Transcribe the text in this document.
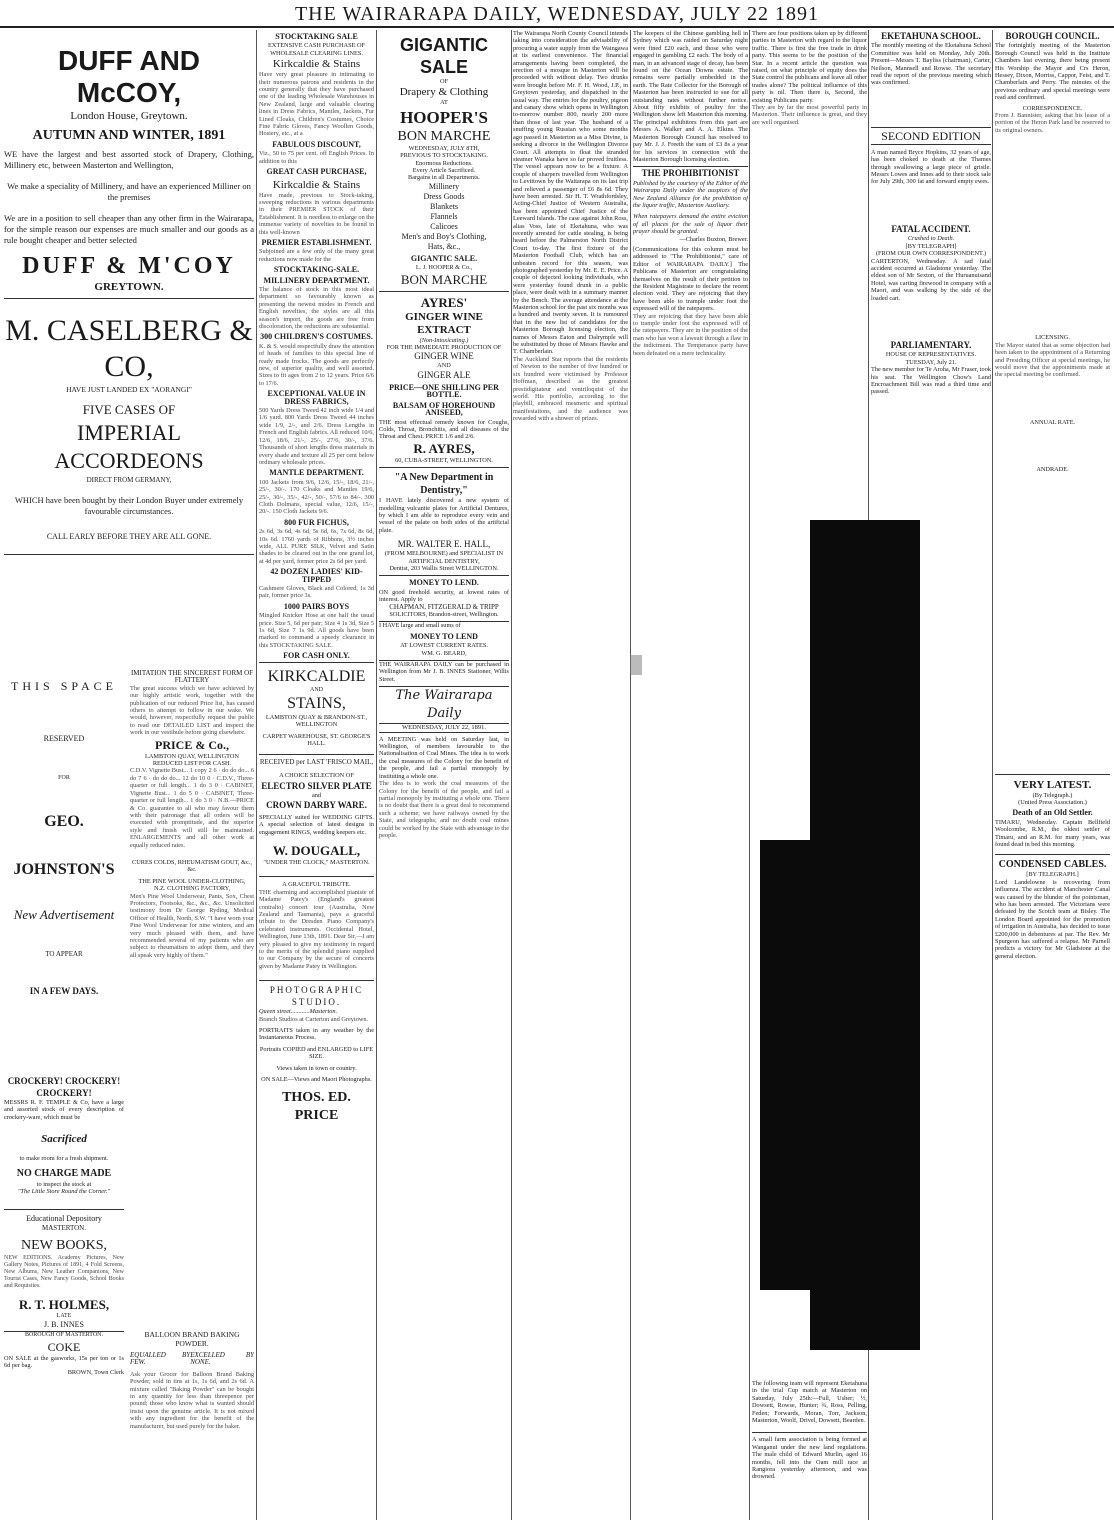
THE WAIRARAPA DAILY, WEDNESDAY, JULY 22 1891
DUFF AND McCOY,
London House, Greytown.
AUTUMN AND WINTER, 1891
WE have the largest and best assorted stock of Drapery, Clothing, Millinery etc, between Masterton and Wellington,
We make a speciality of Millinery, and have an experienced Milliner on the premises
We are in a position to sell cheaper than any other firm in the Wairarapa, for the simple reason our expenses are much smaller and our goods as a rule bought cheaper and better selected
DUFF & M'COY
GREYTOWN.
M. CASELBERG & CO,
HAVE JUST LANDED EX "AORANGI"
FIVE CASES OF
IMPERIAL ACCORDEONS
DIRECT FROM GERMANY,
WHICH have been bought by their London Buyer under extremely favourable circumstances.
CALL EARLY BEFORE THEY ARE ALL GONE.
THIS SPACE
RESERVED
FOR
GEO.
JOHNSTON'S
New Advertisement
TO APPEAR
IN A FEW DAYS.
IMITATION THE SINCEREST FORM OF FLATTERY
The great success which we have achieved by our highly artistic work, together with the publication of our reduced Price list, has caused others to attempt to follow in our wake. We would, however, respectfully request the public to read our DETAILED LIST and inspect the work in our vestibule before going elsewhere.
PRICE & Co.,
LAMBTON QUAY, WELLINGTON
REDUCED LIST FOR CASH.
C.D.V. Vignette Bust... 1 copy 2 6 · do do do... 6 do 7 6 · do do do... 12 do 10 0 · C.D.V., Three-quarter or full length... 1 do 3 0 · CABINET, Vignette Bust... 1 do 5 0 · CABINET, Three-quarter or full length... 1 do 3 0 · N.B.—PRICE & Co. guarantee to all who may favour them with their patronage that all orders will be executed with promptitude, and the superior style and finish will still be maintained. ENLARGEMENTS and all other work at equally reduced rates.
CURES COLDS, RHEUMATISM GOUT, &c., &c.
THE PINE WOOL UNDER-CLOTHING,
N.Z. CLOTHING FACTORY,
Men's Pine Wool Underwear, Pants, Sox, Chest Protectors, Footsoks, &c., &c., &c. Unsolicited testimony from Dr George Ryding, Medical Officer of Health, North, S.W. "I have worn your Pine Wool Underwear for nine winters, and am very much pleased with them, and have recommended several of my patients who are subject to rheumatism to adopt them, and they all speak very highly of them."
CROCKERY! CROCKERY! CROCKERY!
MESSRS R. F. TEMPLE & Co, have a large and assorted stock of every description of crockery-ware, which must be
Sacrificed
to make room for a fresh shipment.
NO CHARGE MADE
to inspect the stock at
"The Little Store Round the Corner."
Educational Depository
MASTERTON.
NEW BOOKS,
NEW EDITIONS. Academy Pictures, New Gallery Notes, Pictures of 1891, 4 Fold Screens, New Albums, New Leather Companions, New Tourist Cases, New Fancy Goods, School Books and Requisites.
R. T. HOLMES,
LATE
J. B. INNES
BOROUGH OF MASTERTON.
COKE
ON SALE at the gasworks, 15s per ton or 1s 6d per bag.
BROWN, Town Clerk
BALLOON BRAND BAKING POWDER.
EQUALLED BY FEW.
EXCELLED BY NONE.
Ask your Grocer for Balloon Brand Baking Powder, sold in tins at 1s, 1s 6d, and 2s 6d. A mixture called "Baking Powder" can be bought in any quantity for less than threepence per pound; those who know what is wanted should insist upon the genuine article. It is not mixed with any ingredient for the benefit of the manufacturer, but used purely for the baker.
STOCKTAKING SALE
EXTENSIVE CASH PURCHASE OF WHOLESALE CLEARING LINES.
Kirkcaldie & Stains
Have very great pleasure in intimating to their numerous patrons and residents in the country generally that they have purchased one of the leading Wholesale Warehouses in New Zealand, large and valuable clearing lines in Dress Fabrics, Mantles, Jackets, Fur Lined Cloaks, Children's Costumes, Choice Fine Fabric Gloves, Fancy Woollen Goods, Hosiery, etc., at a
FABULOUS DISCOUNT,
Viz., 50 to 75 per cent. off English Prices. In addition to this
GREAT CASH PURCHASE,
Kirkcaldie & Stains
Have made, previous to Stock-taking, sweeping reductions in various departments in their PREMIER STOCK of their Establishment. It is needless to enlarge on the immense variety of novelties to be found in this well-known
PREMIER ESTABLISHMENT.
Subjoined are a few only of the many great reductions now made for the
STOCKTAKING-SALE.
MILLINERY DEPARTMENT.
The balance of stock in this most ideal department so favourably known as presenting the newest modes in French and English novelties, the styles are all this season's import, the goods are free from discoloration, the reductions are substantial.
300 CHILDREN'S COSTUMES.
K. & S. would respectfully draw the attention of heads of families to this special line of ready made frocks. The goods are perfectly new, of superior quality, and well assorted. Sizes to fit ages from 2 to 12 years. Price 6/6 to 17/6.
EXCEPTIONAL VALUE IN DRESS FABRICS,
500 Yards Dress Tweed 42 inch wide 1/4 and 1/6 yard. 800 Yards Dress Tweed 44 inches wide 1/9, 2/-, and 2/6. Dress Lengths in French and English fabrics. All reduced 10/6, 12/6, 18/6, 21/-, 25/-, 27/6, 30/-, 37/6. Thousands of short lengths dress materials in every shade and texture all 25 per cent below ordinary wholesale prices.
MANTLE DEPARTMENT.
100 Jackets from 9/6, 12/6, 15/-, 18/6, 21/-, 25/-, 30/-. 170 Cloaks and Mantles 19/6, 25/-, 30/-, 35/-, 42/-, 50/-, 57/6 to 84/-. 300 Cloth Dolmans, special value, 12/6, 15/-, 20/-. 150 Cloth Jackets 9/6.
800 FUR FICHUS,
2s 6d, 3s 6d, 4s 6d, 5s 6d, 6s, 7s 6d, 8s 6d, 10s 6d. 1760 yards of Ribbons, 3½ inches wide, ALL PURE SILK, Velvet and Satin shades to be cleared out in the one grand lot, at 4d per yard, former price 2s 6d per yard.
42 DOZEN LADIES' KID-TIPPED
Cashmere Gloves, Black and Colored, 1s 3d pair, former price 3s.
1000 PAIRS BOYS
Mingled Knicker Hose at one half the usual price. Size 5, 6d per pair; Size 4 1s 3d, Size 5 1s 6d, Size 7 1s 9d. All goods have been marked to command a speedy clearance in this STOCKTAKING SALE.
FOR CASH ONLY.
KIRKCALDIE
AND
STAINS,
LAMBTON QUAY & BRANDON-ST., WELLINGTON
CARPET WAREHOUSE, ST. GEORGE'S HALL.
RECEIVED per LAST 'FRISCO MAIL,
A CHOICE SELECTION OF
ELECTRO SILVER PLATE
and
CROWN DARBY WARE.
SPECIALLY suited for WEDDING GIFTS. A special selection of latest designs in engagement RINGS, wedding keepers etc.
W. DOUGALL,
"UNDER THE CLOCK," MASTERTON.
A GRACEFUL TRIBUTE.
THE charming and accomplished pianiste of Madame Patey's (England's greatest contralto) concert tour (Australia, New Zealand and Tasmania), pays a graceful tribute to the Dresden Piano Company's celebrated instruments. Occidental Hotel, Wellington, June 13th, 1891. Dear Sir,—I am very pleased to give my testimony in regard to the merits of the splendid piano supplied to our Company by the secure of concerts given by Madame Patey in Wellington.
PHOTOGRAPHIC STUDIO.
Queen street............Masterton.
Branch Studios at Carterton and Greytown.
PORTRAITS taken in any weather by the Instantaneous Process.
Portraits COPIED and ENLARGED to LIFE SIZE.
Views taken in town or country.
ON SALE—Views and Maori Photographs.
THOS. ED. PRICE
GIGANTIC SALE
OF
Drapery & Clothing
AT
HOOPER'S
BON MARCHE
WEDNESDAY, JULY 8TH,
PREVIOUS TO STOCKTAKING.
Enormous Reductions.
Every Article Sacrificed.
Bargains in all Departments.
Millinery
Dress Goods
Blankets
Flannels
Calicoes
Men's and Boy's Clothing,
Hats, &c.,
GIGANTIC SALE.
L. J. HOOPER & Co.,
BON MARCHE
AYRES'
GINGER WINE EXTRACT
(Non-Intoxicating.)
FOR THE IMMEDIATE PRODUCTION OF
GINGER WINE
AND
GINGER ALE
PRICE—ONE SHILLING PER BOTTLE.
BALSAM OF HOREHOUND ANISEED,
THE most effectual remedy known for Coughs, Colds, Throat, Bronchitis, and all diseases of the Throat and Chest. PRICE 1/6 and 2/6.
R. AYRES,
60, CUBA-STREET, WELLINGTON.
"A New Department in Dentistry,"
I HAVE lately discovered a new system of modelling vulcanite plates for Artificial Dentures, by which I am able to reproduce every vein and vessel of the palate on both sides of the artificial plate.
MR. WALTER E. HALL,
(FROM MELBOURNE) and SPECIALIST IN ARTIFICIAL DENTISTRY,
Dentist, 203 Wallis Street WELLINGTON.
MONEY TO LEND.
ON good freehold security, at lowest rates of interest. Apply to
CHAPMAN, FITZGERALD & TRIPP
SOLICITORS, Brandon-street, Wellington.
I HAVE large and small sums of
MONEY TO LEND
AT LOWEST CURRENT RATES.
WM. G. BEARD,
THE WAIRARAPA DAILY can be purchased in Wellington from Mr J. B. INNES Stationer, Willis Street.
The Wairarapa Daily
WEDNESDAY, JULY 22, 1891.
A MEETING was held on Saturday last, in Wellington, of members favourable to the Nationalisation of Coal Mines. The idea is to work the coal measures of the Colony for the benefit of the people, and fail a partial monopoly by instituting a whole one.
The idea is to work the coal measures of the Colony for the benefit of the people, and fail a partial monopoly by instituting a whole one. There is no doubt that there is a great deal to recommend such a scheme; we have railways owned by the State, and telegraphs; and no doubt coal mines could be worked by the State with advantage to the people.
The Wairarapa North County Council intends taking into consideration the advisability of procuring a water supply from the Waingawa at its earliest convenience. The financial arrangements having been completed, the erection of a mosque in Masterton will be proceeded with without delay. Two drunks were brought before Mr. F. H. Wood, J.P., in Greytown yesterday, and dispatched in the usual way. The entries for the poultry, pigeon and canary show which opens in Wellington to-morrow number 800, nearly 200 more than those of last year. The husband of a snuffing young Russian who some months ago passed in Masterton as a Miss Divine, is seeking a divorce in the Wellington Divorce Court. All attempts to float the stranded steamer Wanaka have so far proved fruitless. The vessel appears now to be a fixture. A couple of sharpers travelled from Wellington to Levittown by the Waitarapa on its last trip and relieved a passenger of £6 8s 6d. They have been arrested. Sir H. T. Wrathfordsley, Acting-Chief Justice of Western Australia, has been appointed Chief Justice of the Leeward Islands. The case against John Ross, alias Voss, late of Eketahuna, who was recently arrested for cattle stealing, is being heard before the Palmerston North District Court to-day. The first fixture of the Masterton Football Club, which has an unbeaten record for this season, was photographed yesterday by Mr. E. E. Price. A couple of dejected looking individuals, who were yesterday found drunk in a public place, were dealt with in a summary manner by the Bench. The average attendance at the Masterton school for the past six months was a hundred and twenty seven. It is rumoured that in the new list of candidates for the Masterton Borough licensing election, the names of Messrs Eaton and Dalrymple will be substituted by those of Messrs Hawke and T. Chamberlain.
The Auckland Star reports that the residents of Newton to the number of five hundred or six hundred were victimised by Professor Hoffman, described as the greatest prestidigitateur and ventriloquist of the world. His portfolio, according to the playbill, embraced mesmeric and spiritual manifestations, and the audience was rewarded with a shower of prizes.
The keepers of the Chinese gambling hell in Sydney which was raided on Saturday night were fined £20 each, and those who were engaged in gambling £2 each. The body of a man, in an advanced stage of decay, has been found on the Ocean Downs estate. The remains were partially embedded in the earth. The Rate Collector for the Borough of Masterton has been instructed to sue for all outstanding rates without further notice. About fifty exhibits of poultry for the Wellington show left Masterton this morning. The principal exhibitors from this part are Messrs A. Walker and A. A. Elkins. The Masterton Borough Council has resolved to pay Mr. J. J. Freeth the sum of £3 8s a year for his services in connection with the Masterton Borough licensing election.
THE PROHIBITIONIST
Published by the courtesy of the Editor of the Wairarapa Daily under the auspices of the New Zealand Alliance for the prohibition of the liquor traffic, Masterton Auxiliary.
When ratepayers demand the entire eviction of all places for the sale of liquor their prayer should be granted.
—Charles Buxton, Brewer.
[Communications for this column must be addressed to "The Prohibitionist," care of Editor of WAIRARAPA DAILY.] The Publicans of Masterton are congratulating themselves on the result of their petition to the Resident Magistrate to declare the recent election void. They are rejoicing that they have been able to trample under foot the expressed will of the ratepayers.
They are rejoicing that they have been able to trample under foot the expressed will of the ratepayers. They are in the position of the man who has won a lawsuit through a flaw in the indictment. The Temperance party have been defeated on a mere technicality.
There are four positions taken up by different parties in Masterton with regard to the liquor traffic. There is first the free trade in drink party. This seems to be the position of the Star. In a recent article the question was raised, on what principle of equity does the State control the publicans and leave all other trades alone? The political influence of this party is nil. Then there is, Second, the existing Publicans party.
They are by far the most powerful party in Masterton. Their influence is great, and they are well organised.
The following team will represent Eketahuna in the trial Cup match at Masterton on Saturday, July 25th:—Full, Usher; ½, Dowsett, Rowse, Hunter; ¾, Ross, Pelling, Feden; Forwards, Moran, Torr, Jackson, Masterton, Woolf, Drivel, Dowsett, Bearden.
A small farm association is being formed at Wanganui under the new land regulations. The male child of Edward Murlin, aged 16 months, fell into the Oam mill race at Rangiora yesterday afternoon, and was drowned.
EKETAHUNA SCHOOL.
The monthly meeting of the Eketahuna School Committee was held on Monday, July 20th. Present—Messrs T. Bayliss (chairman), Carter, Neilson, Mannsell and Rowse. The secretary read the report of the previous meeting which was confirmed.
SECOND EDITION
A man named Bryce Hopkins, 32 years of age, has been choked to death at the Thames through swallowing a large piece of gristle. Messrs Lowes and Innes add to their stock sale for July 29th, 300 fat and forward empty ewes.
FATAL ACCIDENT.
Crushed to Death.
[BY TELEGRAPH]
(FROM OUR OWN CORRESPONDENT.)
CARTERTON, Wednesday. A sad fatal accident occurred at Gladstone yesterday. The eldest son of Mr Sexton, of the Huruanuisand Hotel, was carting firewood in company with a Maori, and was walking by the side of the loaded cart.
PARLIAMENTARY.
HOUSE OF REPRESENTATIVES.
TUESDAY, July 21.
The new member for Te Aroha, Mr Fraser, took his seat. The Wellington Chow's Land Encroachment Bill was read a third time and passed.
BOROUGH COUNCIL.
The fortnightly meeting of the Masterton Borough Council was held in the Institute Chambers last evening, there being present His Worship the Mayor and Crs Heron, Hessey, Dixon, Morriss, Cappor, Feist, and T. Chamberlain and Perry. The minutes of the previous ordinary and special meetings were read and confirmed.
CORRESPONDENCE.
From J. Bannister, asking that his lease of a portion of the Heron Park land be reserved to its original owners.
LICENSING.
The Mayor stated that as some objection had been taken to the appointment of a Returning and Presiding Officer at special meetings, he would move that the appointments made at the special meeting be confirmed.
ANNUAL RATE.
ANDRADE.
VERY LATEST.
(By Telegraph.)
(United Press Association.)
Death of an Old Settler.
TIMARU, Wednesday. Captain Bellfield Woolcombe, R.M., the oldest settler of Timaru, and an R.M. for many years, was found dead in bed this morning.
CONDENSED CABLES.
[BY TELEGRAPH.]
Lord Landelowne is recovering from influenza. The accident at Manchester Canal was caused by the blunder of the pointsman, who has been arrested. The Victorians were defeated by the Scotch team at Bisley. The London Board appointed for the promotion of irrigation in Australia, has decided to issue £200,000 in debentures at par. The Rev. Mr Spurgeon has suffered a relapse. Mr Parnell predicts a victory for Mr Gladstone at the general election.
